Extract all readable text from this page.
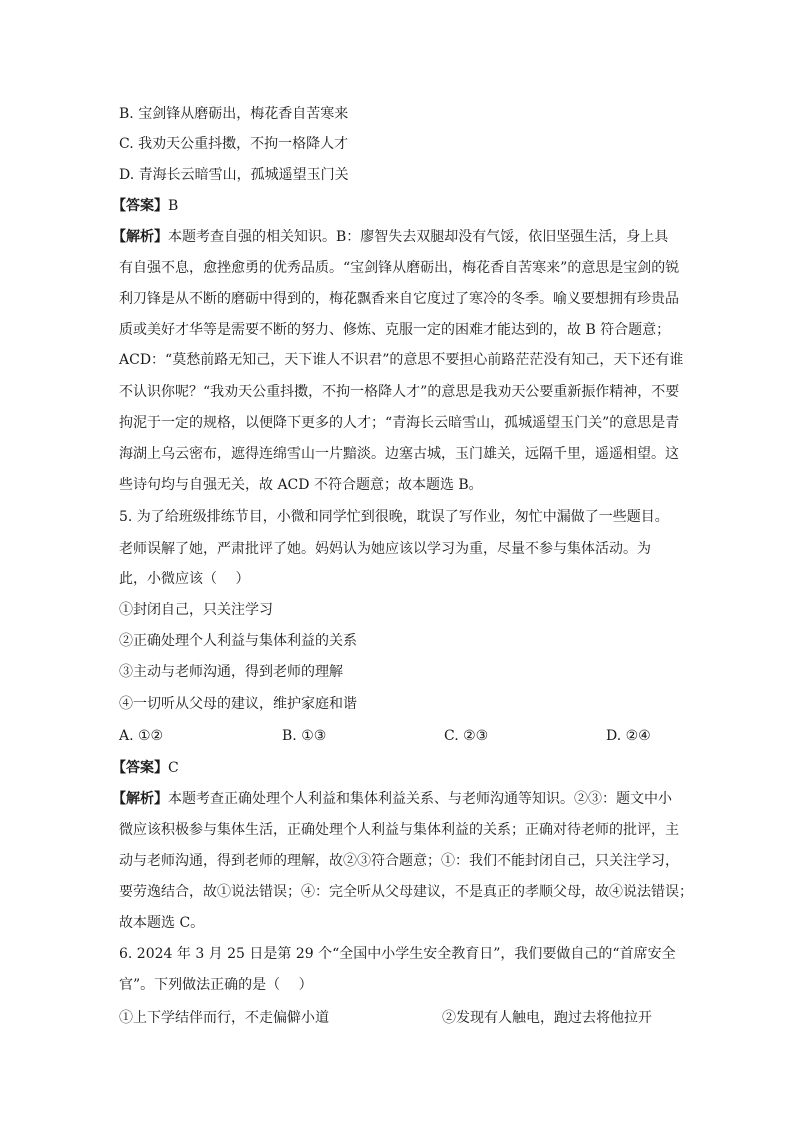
B. 宝剑锋从磨砺出，梅花香自苦寒来
C. 我劝天公重抖擞，不拘一格降人才
D. 青海长云暗雪山，孤城遥望玉门关
【答案】B
【解析】本题考查自强的相关知识。B：廖智失去双腿却没有气馁，依旧坚强生活，身上具
有自强不息，愈挫愈勇的优秀品质。“宝剑锋从磨砺出，梅花香自苦寒来”的意思是宝剑的锐
利刀锋是从不断的磨砺中得到的，梅花飘香来自它度过了寒冷的冬季。喻义要想拥有珍贵品
质或美好才华等是需要不断的努力、修炼、克服一定的困难才能达到的，故 B 符合题意；
ACD：“莫愁前路无知己，天下谁人不识君”的意思不要担心前路茫茫没有知己，天下还有谁
不认识你呢？“我劝天公重抖擞，不拘一格降人才”的意思是我劝天公要重新振作精神，不要
拘泥于一定的规格，以便降下更多的人才；“青海长云暗雪山，孤城遥望玉门关”的意思是青
海湖上乌云密布，遮得连绵雪山一片黯淡。边塞古城，玉门雄关，远隔千里，遥遥相望。这
些诗句均与自强无关，故 ACD 不符合题意；故本题选 B。
5. 为了给班级排练节目，小微和同学忙到很晚，耽误了写作业，匆忙中漏做了一些题目。
老师误解了她，严肃批评了她。妈妈认为她应该以学习为重，尽量不参与集体活动。为
此，小微应该（　 ）
①封闭自己，只关注学习
②正确处理个人利益与集体利益的关系
③主动与老师沟通，得到老师的理解
④一切听从父母的建议，维护家庭和谐
A. ①②	B. ①③	C. ②③	D. ②④
【答案】C
【解析】本题考查正确处理个人利益和集体利益关系、与老师沟通等知识。②③：题文中小
微应该积极参与集体生活，正确处理个人利益与集体利益的关系；正确对待老师的批评，主
动与老师沟通，得到老师的理解，故②③符合题意；①：我们不能封闭自己，只关注学习，
要劳逸结合，故①说法错误；④：完全听从父母建议，不是真正的孝顺父母，故④说法错误；
故本题选 C。
6. 2024 年 3 月 25 日是第 29 个“全国中小学生安全教育日”，我们要做自己的“首席安全
官”。下列做法正确的是（　 ）
①上下学结伴而行，不走偏僻小道	②发现有人触电，跑过去将他拉开
